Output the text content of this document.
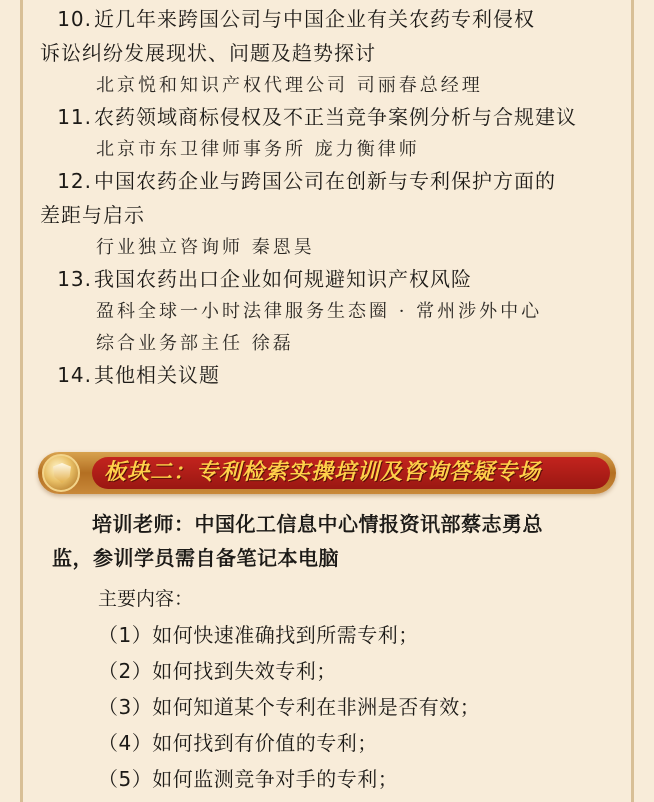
10. 近几年来跨国公司与中国企业有关农药专利侵权
诉讼纠纷发展现状、问题及趋势探讨
北京悦和知识产权代理公司 司丽春总经理
11. 农药领域商标侵权及不正当竞争案例分析与合规建议
北京市东卫律师事务所 庞力衡律师
12. 中国农药企业与跨国公司在创新与专利保护方面的
差距与启示
行业独立咨询师 秦恩昊
13. 我国农药出口企业如何规避知识产权风险
盈科全球一小时法律服务生态圈 · 常州涉外中心
综合业务部主任 徐磊
14. 其他相关议题
板块二：专利检索实操培训及咨询答疑专场
培训老师：中国化工信息中心情报资讯部蔡志勇总
监，参训学员需自备笔记本电脑
主要内容：
（1）如何快速准确找到所需专利；
（2）如何找到失效专利；
（3）如何知道某个专利在非洲是否有效；
（4）如何找到有价值的专利；
（5）如何监测竞争对手的专利；
